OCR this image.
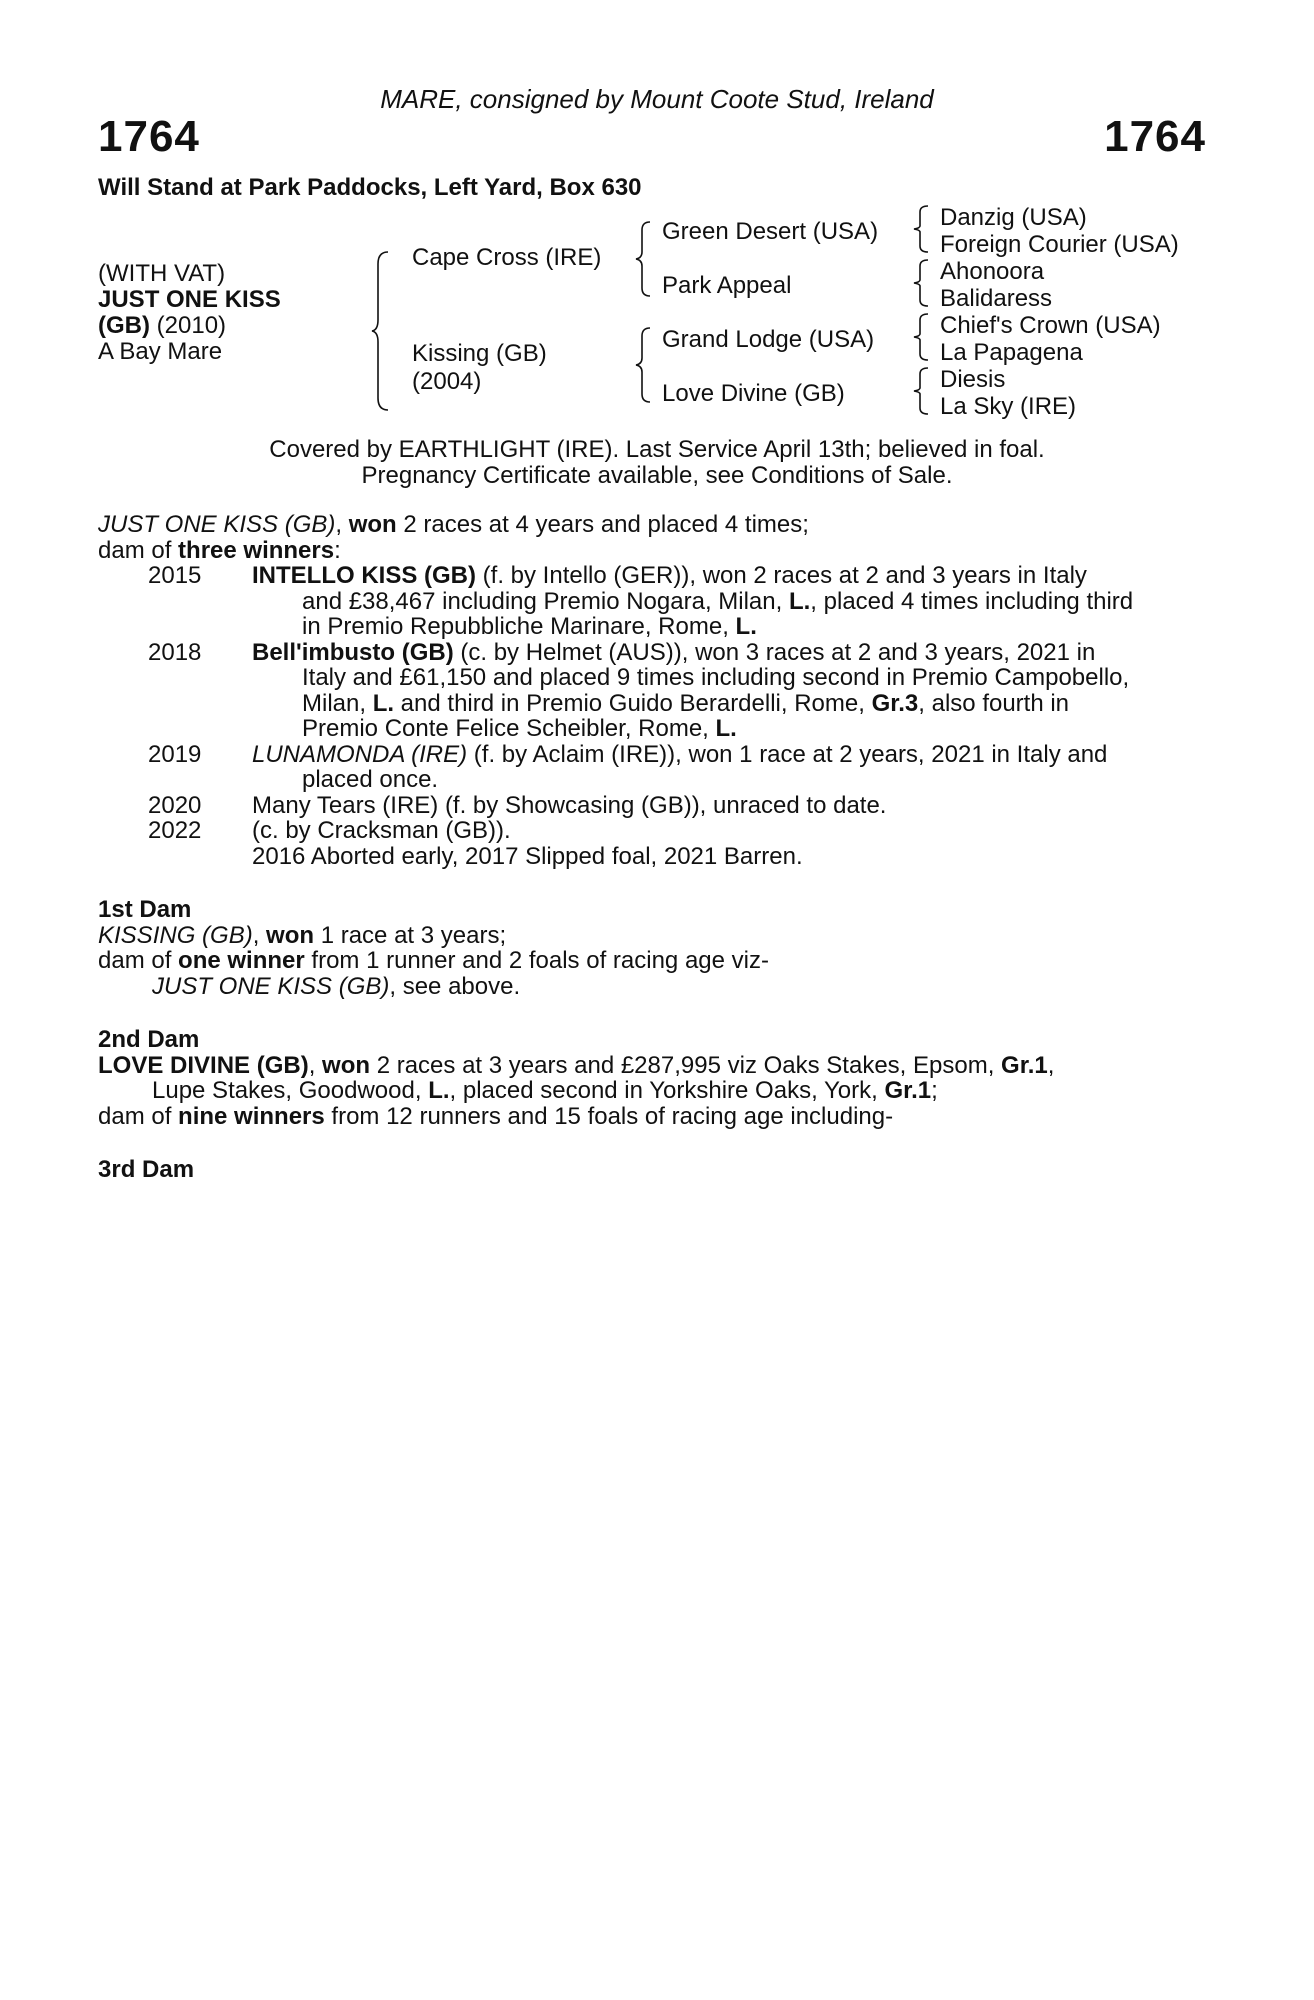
MARE, consigned by Mount Coote Stud, Ireland
1764	1764
Will Stand at Park Paddocks, Left Yard, Box 630
(WITH VAT)
JUST ONE KISS
(GB) (2010)
A Bay Mare
Cape Cross (IRE)
Kissing (GB)
(2004)
Green Desert (USA)
Park Appeal
Grand Lodge (USA)
Love Divine (GB)
Danzig (USA)
Foreign Courier (USA)
Ahonoora
Balidaress
Chief's Crown (USA)
La Papagena
Diesis
La Sky (IRE)
Covered by EARTHLIGHT (IRE). Last Service April 13th; believed in foal.
Pregnancy Certificate available, see Conditions of Sale.

JUST ONE KISS (GB), won 2 races at 4 years and placed 4 times;

dam of three winners:

2015	INTELLO KISS (GB) (f. by Intello (GER)), won 2 races at 2 and 3 years in Italy
and £38,467 including Premio Nogara, Milan, L., placed 4 times including third
in Premio Repubbliche Marinare, Rome, L.
2018	Bell'imbusto (GB) (c. by Helmet (AUS)), won 3 races at 2 and 3 years, 2021 in
Italy and £61,150 and placed 9 times including second in Premio Campobello,
Milan, L. and third in Premio Guido Berardelli, Rome, Gr.3, also fourth in
Premio Conte Felice Scheibler, Rome, L.
2019	LUNAMONDA (IRE) (f. by Aclaim (IRE)), won 1 race at 2 years, 2021 in Italy and
placed once.
2020	Many Tears (IRE) (f. by Showcasing (GB)), unraced to date.
2022	(c. by Cracksman (GB)).

2016 Aborted early, 2017 Slipped foal, 2021 Barren.

1st Dam

KISSING (GB), won 1 race at 3 years;

dam of one winner from 1 runner and 2 foals of racing age viz-

JUST ONE KISS (GB), see above.

2nd Dam

LOVE DIVINE (GB), won 2 races at 3 years and £287,995 viz Oaks Stakes, Epsom, Gr.1,

Lupe Stakes, Goodwood, L., placed second in Yorkshire Oaks, York, Gr.1;

dam of nine winners from 12 runners and 15 foals of racing age including-

3rd Dam
